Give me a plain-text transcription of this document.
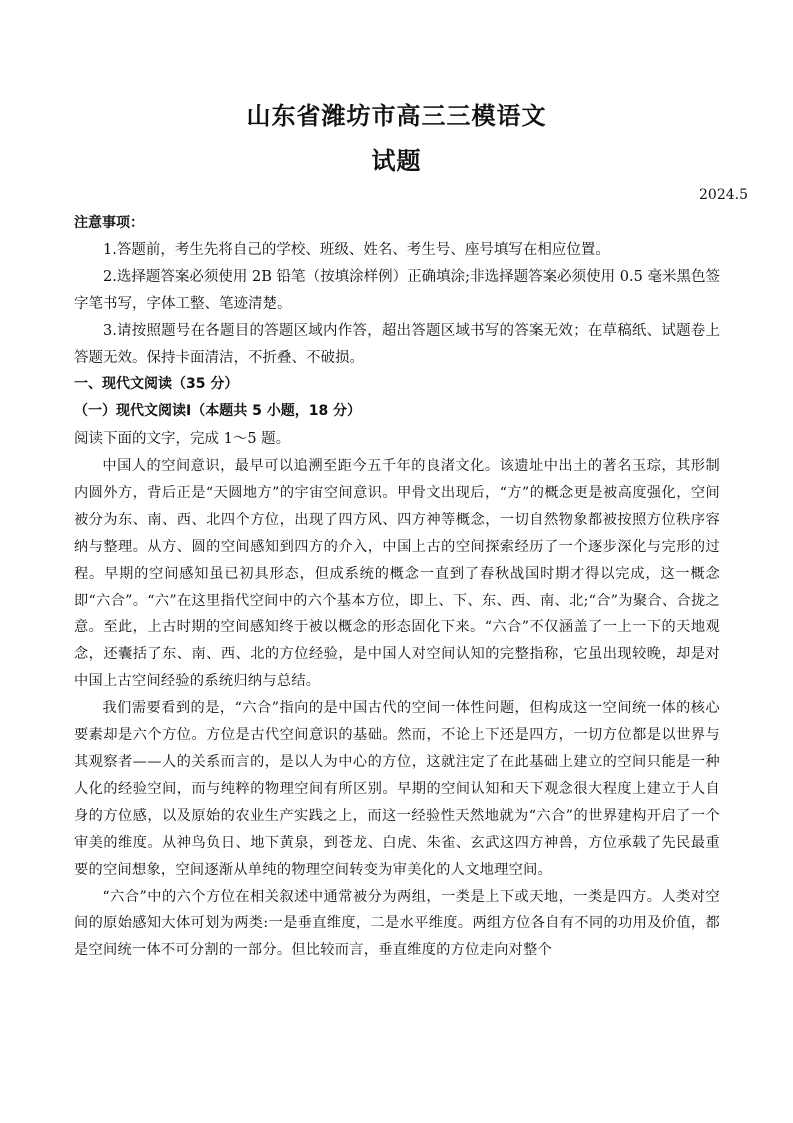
山东省潍坊市高三三模语文
试题
2024.5
注意事项：
1.答题前，考生先将自己的学校、班级、姓名、考生号、座号填写在相应位置。
2.选择题答案必须使用 2B 铅笔（按填涂样例）正确填涂;非选择题答案必须使用 0.5 毫米黑色签字笔书写，字体工整、笔迹清楚。
3.请按照题号在各题目的答题区域内作答，超出答题区域书写的答案无效；在草稿纸、试题卷上答题无效。保持卡面清洁，不折叠、不破损。
一、现代文阅读（35 分）
（一）现代文阅读Ⅰ（本题共 5 小题，18 分）
阅读下面的文字，完成 1～5 题。

中国人的空间意识，最早可以追溯至距今五千年的良渚文化。该遗址中出土的著名玉琮，其形制内圆外方，背后正是“天圆地方”的宇宙空间意识。甲骨文出现后，“方”的概念更是被高度强化，空间被分为东、南、西、北四个方位，出现了四方风、四方神等概念，一切自然物象都被按照方位秩序容纳与整理。从方、圆的空间感知到四方的介入，中国上古的空间探索经历了一个逐步深化与完形的过程。早期的空间感知虽已初具形态，但成系统的概念一直到了春秋战国时期才得以完成，这一概念即“六合”。“六”在这里指代空间中的六个基本方位，即上、下、东、西、南、北;“合”为聚合、合拢之意。至此，上古时期的空间感知终于被以概念的形态固化下来。“六合”不仅涵盖了一上一下的天地观念，还囊括了东、南、西、北的方位经验，是中国人对空间认知的完整指称，它虽出现较晚，却是对中国上古空间经验的系统归纳与总结。

我们需要看到的是，“六合”指向的是中国古代的空间一体性问题，但构成这一空间统一体的核心要素却是六个方位。方位是古代空间意识的基础。然而，不论上下还是四方，一切方位都是以世界与其观察者——人的关系而言的，是以人为中心的方位，这就注定了在此基础上建立的空间只能是一种人化的经验空间，而与纯粹的物理空间有所区别。早期的空间认知和天下观念很大程度上建立于人自身的方位感，以及原始的农业生产实践之上，而这一经验性天然地就为“六合”的世界建构开启了一个审美的维度。从神鸟负日、地下黄泉，到苍龙、白虎、朱雀、玄武这四方神兽，方位承载了先民最重要的空间想象，空间逐渐从单纯的物理空间转变为审美化的人文地理空间。

“六合”中的六个方位在相关叙述中通常被分为两组，一类是上下或天地，一类是四方。人类对空间的原始感知大体可划为两类:一是垂直维度，二是水平维度。两组方位各自有不同的功用及价值，都是空间统一体不可分割的一部分。但比较而言，垂直维度的方位走向对整个
